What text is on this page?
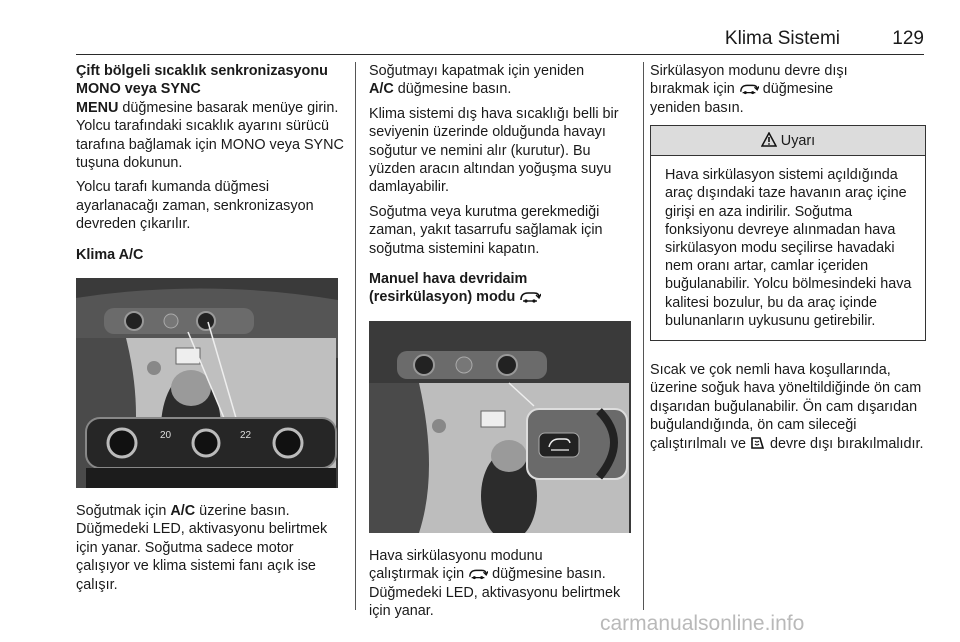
Klima Sistemi	129
Çift bölgeli sıcaklık senkronizasyonu
MONO veya SYNC

MENU düğmesine basarak menüye girin. Yolcu tarafındaki sıcaklık ayarını sürücü tarafına bağlamak için MONO veya SYNC tuşuna dokunun.

Yolcu tarafı kumanda düğmesi ayarlanacağı zaman, senkronizasyon devreden çıkarılır.

Klima A/C
20	22

Soğutmak için A/C üzerine basın.

Düğmedeki LED, aktivasyonu belirtmek için yanar. Soğutma sadece motor çalışıyor ve klima sistemi fanı açık ise çalışır.

Soğutmayı kapatmak için yeniden
A/C düğmesine basın.

Klima sistemi dış hava sıcaklığı belli bir seviyenin üzerinde olduğunda havayı soğutur ve nemini alır (kurutur). Bu yüzden aracın altından yoğuşma suyu damlayabilir.

Soğutma veya kurutma gerekmediği zaman, yakıt tasarrufu sağlamak için soğutma sistemini kapatın.

Manuel hava devridaim
(resirkülasyon) modu

Hava sirkülasyonu modunu
çalıştırmak için  düğmesine basın.

Düğmedeki LED, aktivasyonu belirtmek için yanar.

Sirkülasyon modunu devre dışı
bırakmak için  düğmesine
yeniden basın.

Uyarı
Hava sirkülasyon sistemi açıldığında araç dışındaki taze havanın araç içine girişi en aza indirilir. Soğutma fonksiyonu devreye alınmadan hava sirkülasyon modu seçilirse havadaki nem oranı artar, camlar içeriden buğulanabilir. Yolcu bölmesindeki hava kalitesi bozulur, bu da araç içinde bulunanların uykusunu getirebilir.

Sıcak ve çok nemli hava koşullarında, üzerine soğuk hava yöneltildiğinde ön cam dışarıdan buğulanabilir. Ön cam dışarıdan buğulandığında, ön cam sileceği çalıştırılmalı ve  devre dışı bırakılmalıdır.

carmanualsonline.info
